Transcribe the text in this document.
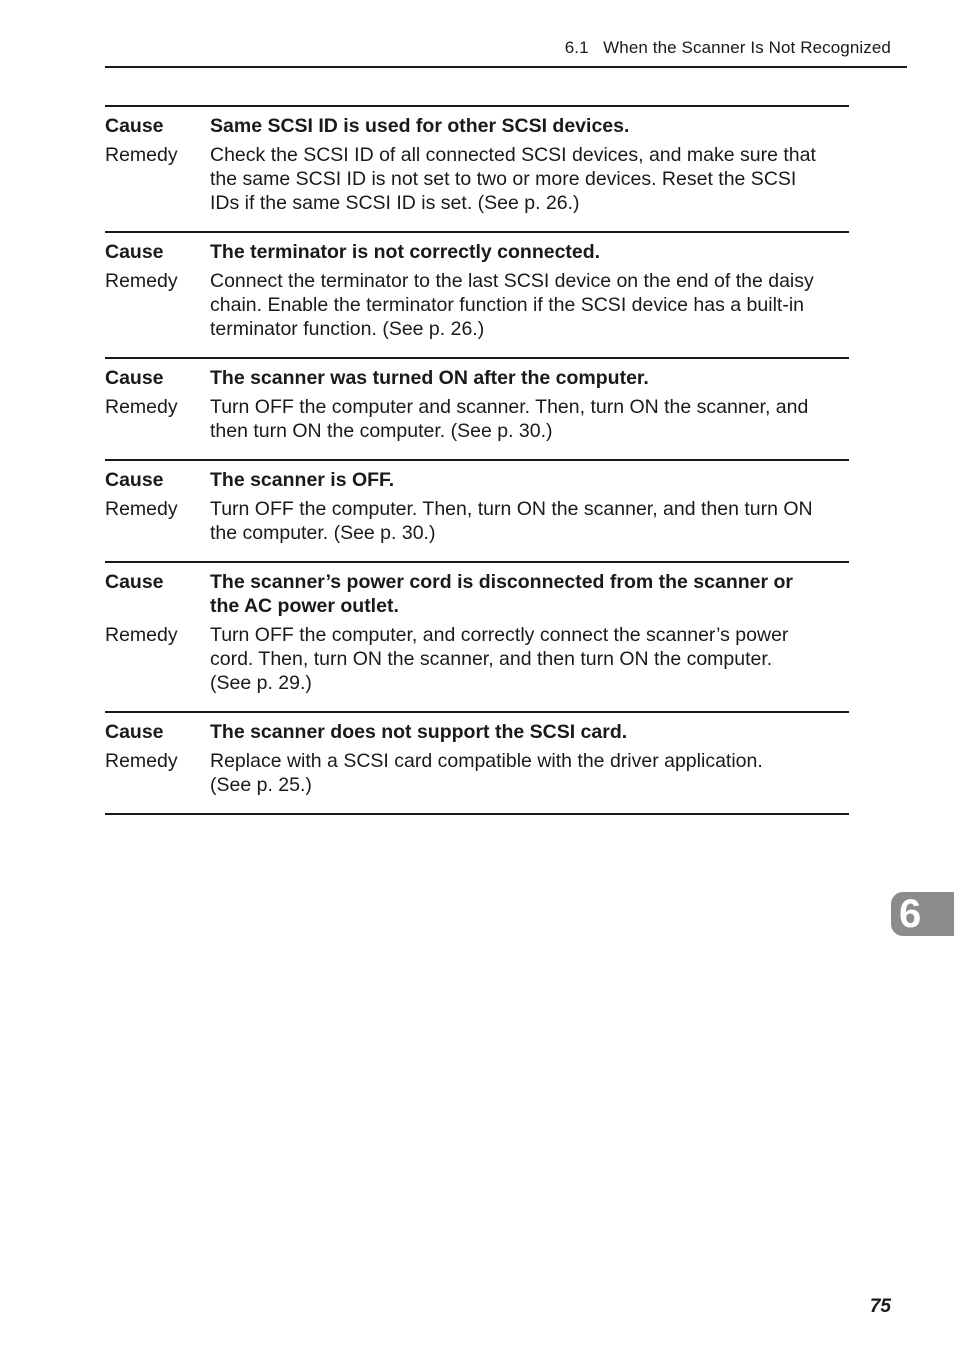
6.1   When the Scanner Is Not Recognized
Cause	Same SCSI ID is used for other SCSI devices.
Remedy	Check the SCSI ID of all connected SCSI devices, and make sure that
the same SCSI ID is not set to two or more devices. Reset the SCSI
IDs if the same SCSI ID is set. (See p. 26.)
Cause	The terminator is not correctly connected.
Remedy	Connect the terminator to the last SCSI device on the end of the daisy
chain. Enable the terminator function if the SCSI device has a built-in
terminator function. (See p. 26.)
Cause	The scanner was turned ON after the computer.
Remedy	Turn OFF the computer and scanner. Then, turn ON the scanner, and
then turn ON the computer. (See p. 30.)
Cause	The scanner is OFF.
Remedy	Turn OFF the computer. Then, turn ON the scanner, and then turn ON
the computer. (See p. 30.)
Cause	The scanner’s power cord is disconnected from the scanner or
the AC power outlet.
Remedy	Turn OFF the computer, and correctly connect the scanner’s power
cord. Then, turn ON the scanner, and then turn ON the computer.
(See p. 29.)
Cause	The scanner does not support the SCSI card.
Remedy	Replace with a SCSI card compatible with the driver application.
(See p. 25.)
6
75
